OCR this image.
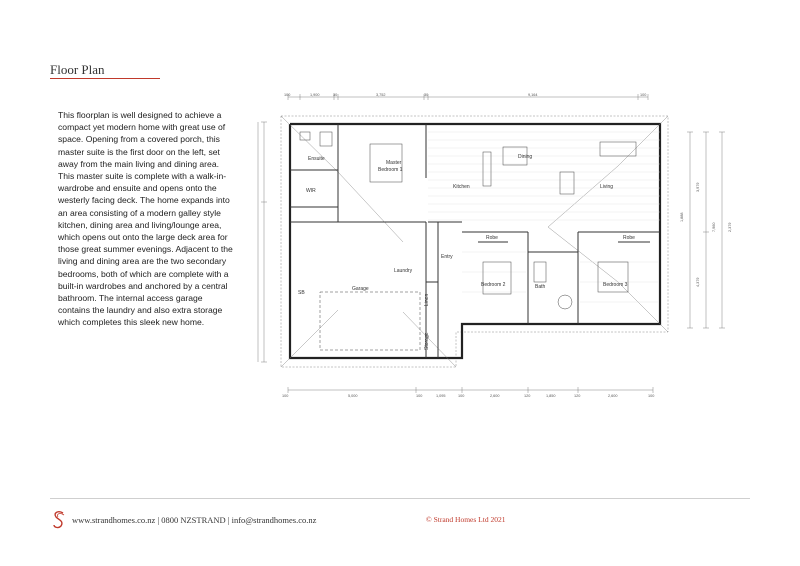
Floor Plan

This floorplan is well designed to achieve a compact yet modern home with great use of space. Opening from a covered porch, this master suite is the first door on the left, set away from the main living and dining area. This master suite is complete with a walk-in-wardrobe and ensuite and opens onto the westerly facing deck. The home expands into an area consisting of a modern galley style kitchen, dining area and living/lounge area, which opens out onto the large deck area for those great summer evenings. Adjacent to the living and dining area are the two secondary bedrooms, both of which are complete with a built-in wardrobes and anchored by a central bathroom. The internal access garage contains the laundry and also extra storage which completes this sleek new home.

100	1,900	30	3,752	30	9,164	100
1,888
3,979
4,379
7,960	2,379
Ensuite
Master
Bedroom 1
WIR
Kitchen
Dining
Living
Garage
Laundry
Entry
Linen
Storage
Robe	Robe
Bedroom 2	Bath	Bedroom 3
SB
100	5,000	100	1,095	100	2,600	120	1,850	120	2,600	100
www.strandhomes.co.nz | 0800 NZSTRAND | info@strandhomes.co.nz	© Strand Homes Ltd 2021
